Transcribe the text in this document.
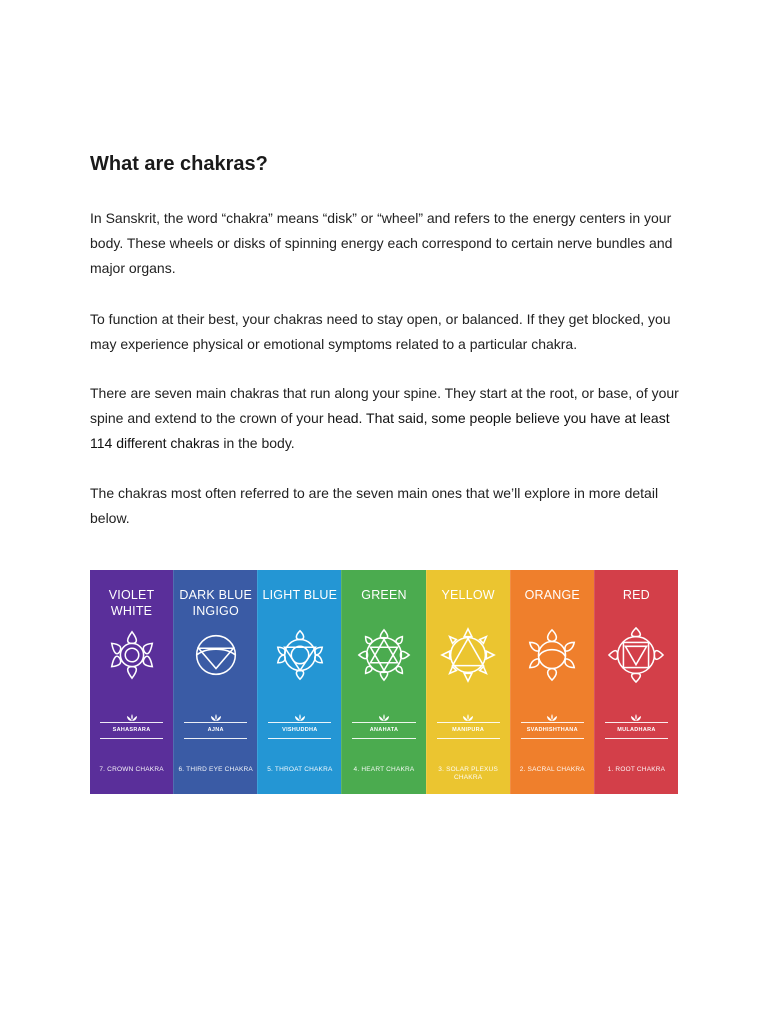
What are chakras?

In Sanskrit, the word “chakra” means “disk” or “wheel” and refers to the energy centers in your body. These wheels or disks of spinning energy each correspond to certain nerve bundles and major organs.

To function at their best, your chakras need to stay open, or balanced. If they get blocked, you may experience physical or emotional symptoms related to a particular chakra.

There are seven main chakras that run along your spine. They start at the root, or base, of your spine and extend to the crown of your head. That said, some people believe you have at least 114 different chakras in the body.

The chakras most often referred to are the seven main ones that we’ll explore in more detail below.

VIOLET
WHITE
SAHASRARA
7. CROWN CHAKRA
DARK BLUE
INGIGO
AJNA
6. THIRD EYE CHAKRA
LIGHT BLUE
VISHUDDHA
5. THROAT CHAKRA
GREEN
ANAHATA
4. HEART CHAKRA
YELLOW
MANIPURA
3. SOLAR PLEXUS CHAKRA
ORANGE
SVADHISHTHANA
2. SACRAL CHAKRA
RED
MULADHARA
1. ROOT CHAKRA
